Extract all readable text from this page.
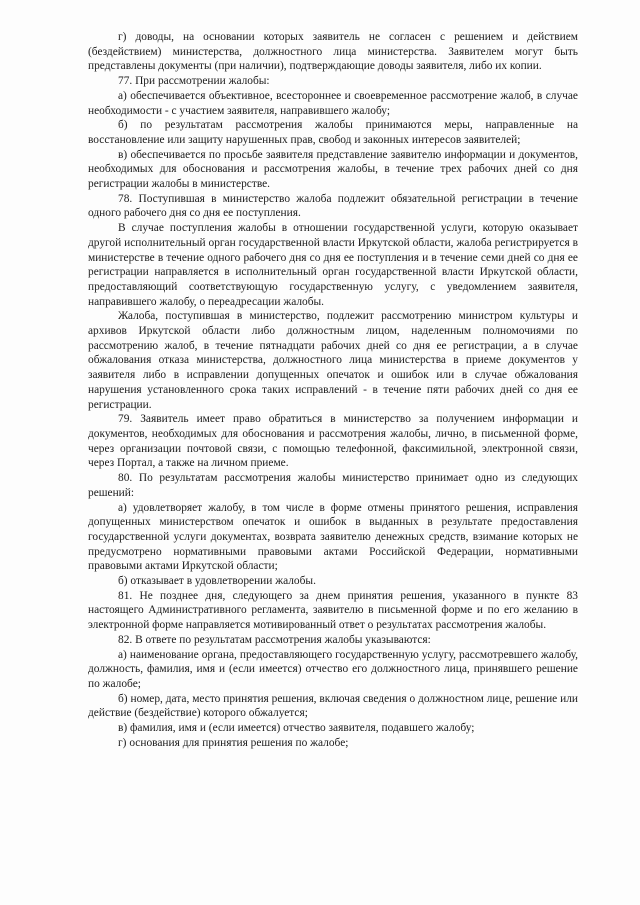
г) доводы, на основании которых заявитель не согласен с решением и действием (бездействием) министерства, должностного лица министерства. Заявителем могут быть представлены документы (при наличии), подтверждающие доводы заявителя, либо их копии.

77. При рассмотрении жалобы:

а) обеспечивается объективное, всестороннее и своевременное рассмотрение жалоб, в случае необходимости - с участием заявителя, направившего жалобу;

б) по результатам рассмотрения жалобы принимаются меры, направленные на восстановление или защиту нарушенных прав, свобод и законных интересов заявителей;

в) обеспечивается по просьбе заявителя представление заявителю информации и документов, необходимых для обоснования и рассмотрения жалобы, в течение трех рабочих дней со дня регистрации жалобы в министерстве.

78. Поступившая в министерство жалоба подлежит обязательной регистрации в течение одного рабочего дня со дня ее поступления.

В случае поступления жалобы в отношении государственной услуги, которую оказывает другой исполнительный орган государственной власти Иркутской области, жалоба регистрируется в министерстве в течение одного рабочего дня со дня ее поступления и в течение семи дней со дня ее регистрации направляется в исполнительный орган государственной власти Иркутской области, предоставляющий соответствующую государственную услугу, с уведомлением заявителя, направившего жалобу, о переадресации жалобы.

Жалоба, поступившая в министерство, подлежит рассмотрению министром культуры и архивов Иркутской области либо должностным лицом, наделенным полномочиями по рассмотрению жалоб, в течение пятнадцати рабочих дней со дня ее регистрации, а в случае обжалования отказа министерства, должностного лица министерства в приеме документов у заявителя либо в исправлении допущенных опечаток и ошибок или в случае обжалования нарушения установленного срока таких исправлений - в течение пяти рабочих дней со дня ее регистрации.

79. Заявитель имеет право обратиться в министерство за получением информации и документов, необходимых для обоснования и рассмотрения жалобы, лично, в письменной форме, через организации почтовой связи, с помощью телефонной, факсимильной, электронной связи, через Портал, а также на личном приеме.

80. По результатам рассмотрения жалобы министерство принимает одно из следующих решений:

а) удовлетворяет жалобу, в том числе в форме отмены принятого решения, исправления допущенных министерством опечаток и ошибок в выданных в результате предоставления государственной услуги документах, возврата заявителю денежных средств, взимание которых не предусмотрено нормативными правовыми актами Российской Федерации, нормативными правовыми актами Иркутской области;

б) отказывает в удовлетворении жалобы.

81. Не позднее дня, следующего за днем принятия решения, указанного в пункте 83 настоящего Административного регламента, заявителю в письменной форме и по его желанию в электронной форме направляется мотивированный ответ о результатах рассмотрения жалобы.

82. В ответе по результатам рассмотрения жалобы указываются:

а) наименование органа, предоставляющего государственную услугу, рассмотревшего жалобу, должность, фамилия, имя и (если имеется) отчество его должностного лица, принявшего решение по жалобе;

б) номер, дата, место принятия решения, включая сведения о должностном лице, решение или действие (бездействие) которого обжалуется;

в) фамилия, имя и (если имеется) отчество заявителя, подавшего жалобу;

г) основания для принятия решения по жалобе;
